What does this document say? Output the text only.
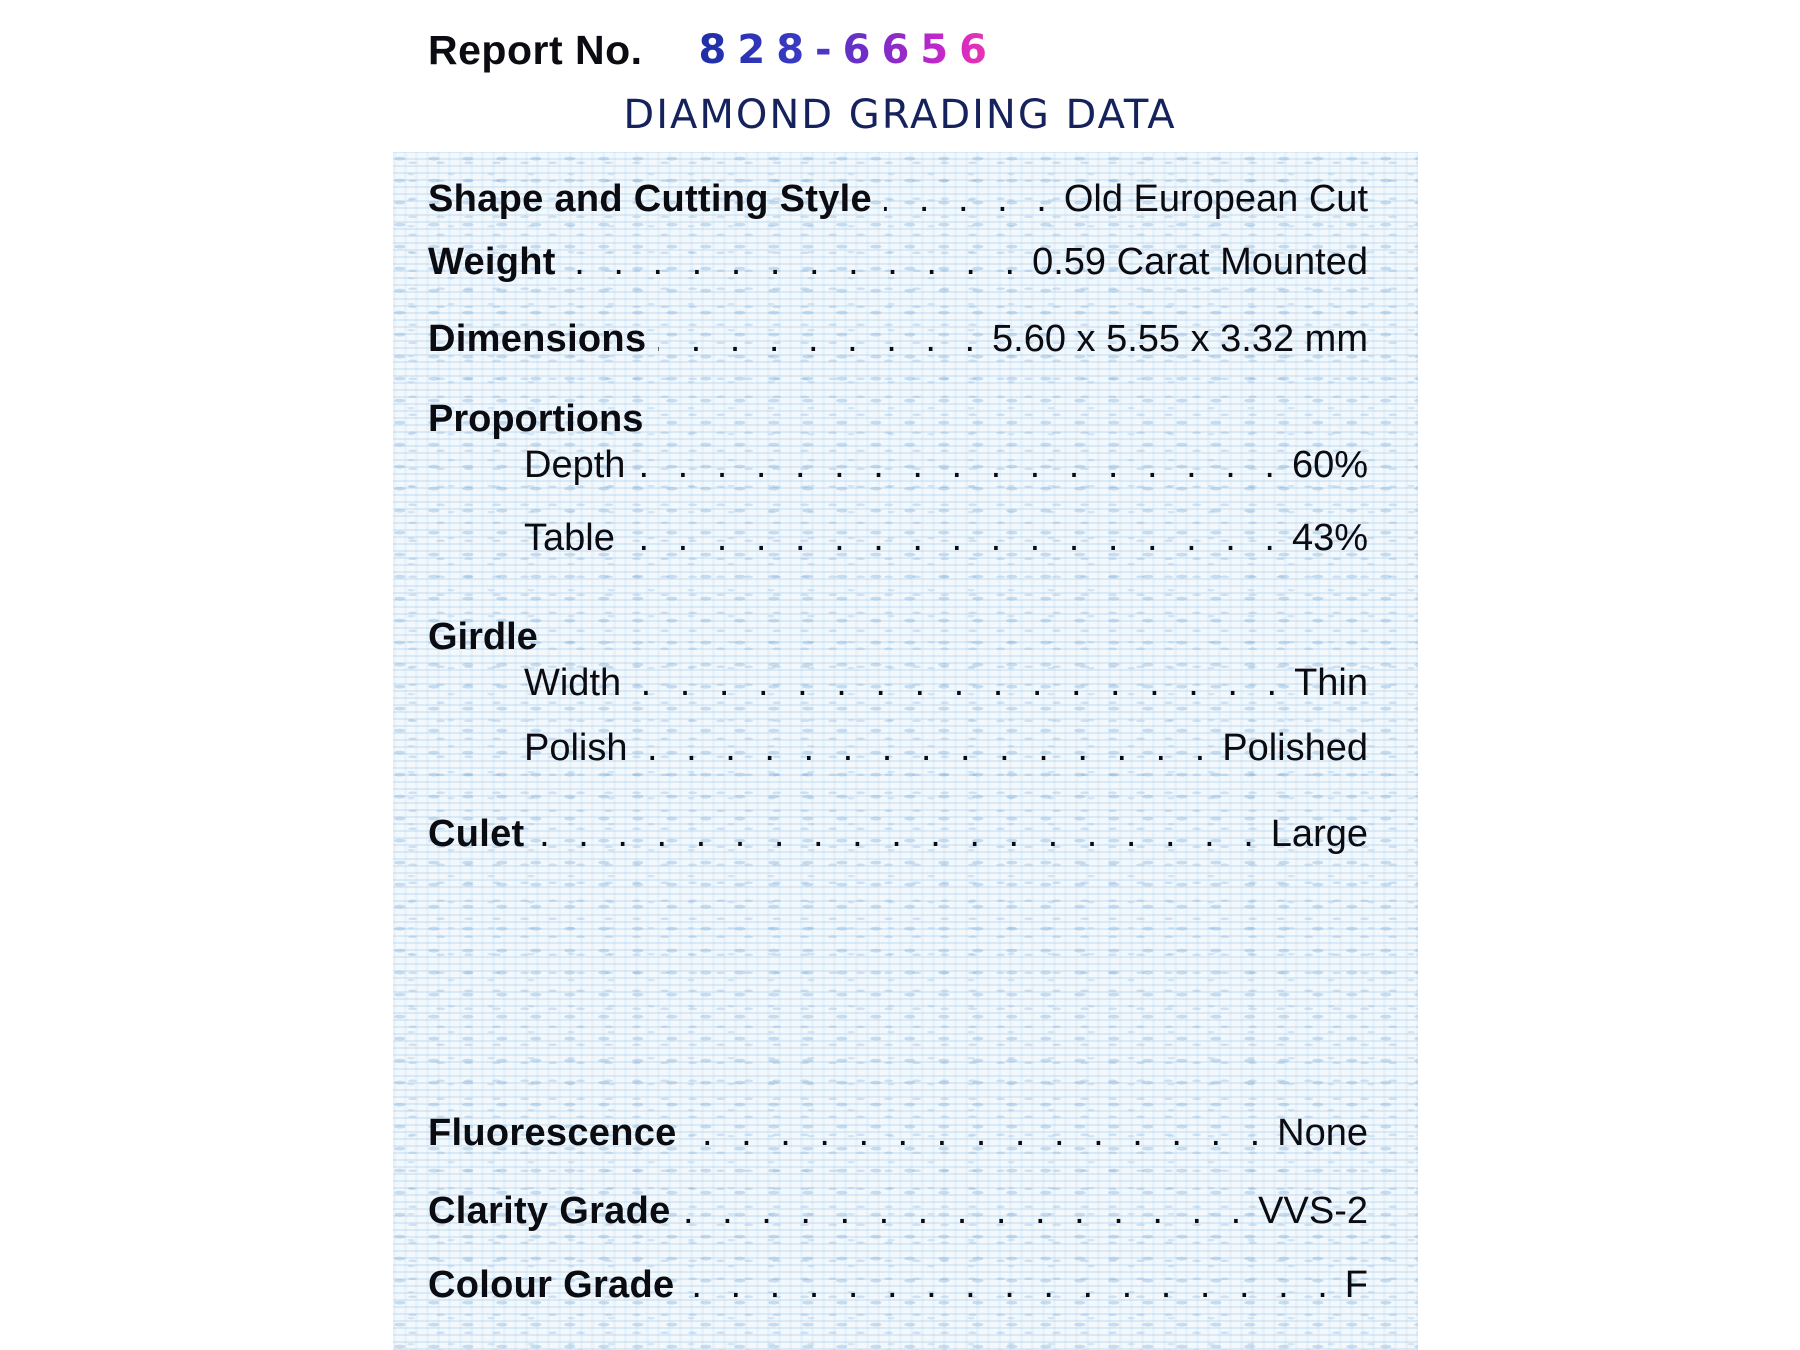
Report No. 828-6656
DIAMOND GRADING DATA
Shape and Cutting Style . . .	Old European Cut
Weight . . .	0.59 Carat Mounted
Dimensions . . .	5.60 x 5.55 x 3.32 mm
Proportions
Depth . . .	60%
Table . . .	43%
Girdle
Width . . .	Thin
Polish . . .	Polished
Culet . . .	Large
Fluorescence . . .	None
Clarity Grade . . .	VVS-2
Colour Grade . . .	F
